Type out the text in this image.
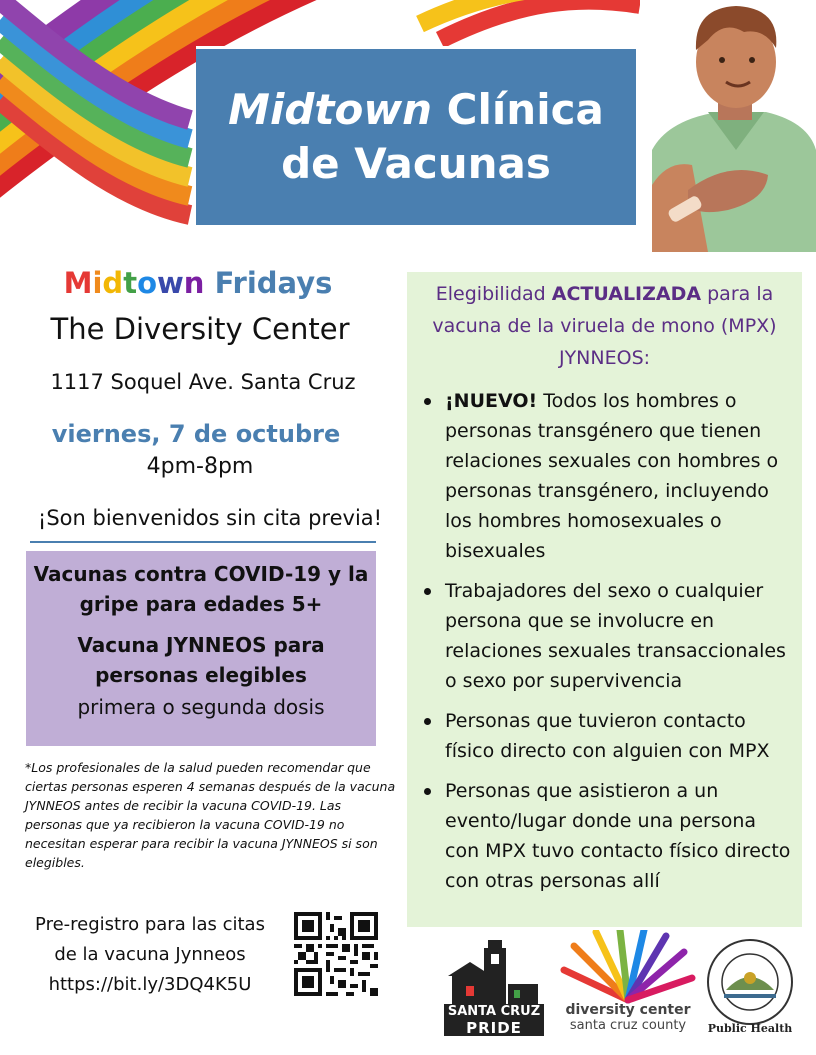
Midtown Clínica
de Vacunas
Midtown Fridays
The Diversity Center
1117 Soquel Ave. Santa Cruz
viernes, 7 de octubre
4pm-8pm
¡Son bienvenidos sin cita previa!
Vacunas contra COVID-19 y la gripe para edades 5+
Vacuna JYNNEOS para personas elegibles
primera o segunda dosis
*Los profesionales de la salud pueden recomendar que ciertas personas esperen 4 semanas después de la vacuna JYNNEOS antes de recibir la vacuna COVID-19. Las personas que ya recibieron la vacuna COVID-19 no necesitan esperar para recibir la vacuna JYNNEOS si son elegibles.
Pre-registro para las citas
de la vacuna Jynneos
https://bit.ly/3DQ4K5U
Elegibilidad ACTUALIZADA para la vacuna de la viruela de mono (MPX) JYNNEOS:
¡NUEVO! Todos los hombres o personas transgénero que tienen relaciones sexuales con hombres o personas transgénero, incluyendo los hombres homosexuales o bisexuales
Trabajadores del sexo o cualquier persona que se involucre en relaciones sexuales transaccionales o sexo por supervivencia
Personas que tuvieron contacto físico directo con alguien con MPX
Personas que asistieron a un evento/lugar donde una persona con MPX tuvo contacto físico directo con otras personas allí
SANTA CRUZ
PRIDE
diversity center
santa cruz county	Public Health
